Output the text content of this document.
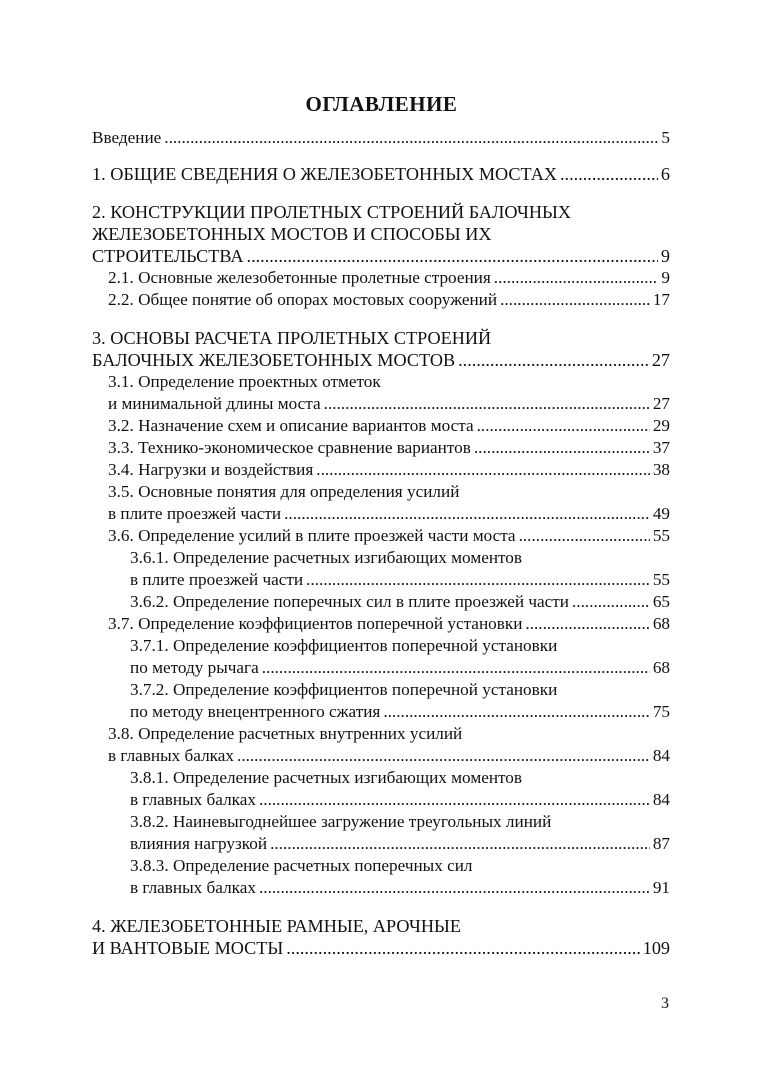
ОГЛАВЛЕНИЕ
Введение .....	5
1. ОБЩИЕ СВЕДЕНИЯ О ЖЕЛЕЗОБЕТОННЫХ МОСТАХ .....	6
2. КОНСТРУКЦИИ ПРОЛЕТНЫХ СТРОЕНИЙ БАЛОЧНЫХ
ЖЕЛЕЗОБЕТОННЫХ МОСТОВ И СПОСОБЫ ИХ
СТРОИТЕЛЬСТВА .....	9
2.1. Основные железобетонные пролетные строения .....	9
2.2. Общее понятие об опорах мостовых сооружений .....	17
3. ОСНОВЫ РАСЧЕТА ПРОЛЕТНЫХ СТРОЕНИЙ
БАЛОЧНЫХ ЖЕЛЕЗОБЕТОННЫХ МОСТОВ .....	27
3.1. Определение проектных отметок
и минимальной длины моста .....	27
3.2. Назначение схем и описание вариантов моста .....	29
3.3. Технико-экономическое сравнение вариантов .....	37
3.4. Нагрузки и воздействия .....	38
3.5. Основные понятия для определения усилий
в плите проезжей части .....	49
3.6. Определение усилий в плите проезжей части моста .....	55
3.6.1. Определение расчетных изгибающих моментов
в плите проезжей части .....	55
3.6.2. Определение поперечных сил в плите проезжей части .....	65
3.7. Определение коэффициентов поперечной установки .....	68
3.7.1. Определение коэффициентов поперечной установки
по методу рычага .....	68
3.7.2. Определение коэффициентов поперечной установки
по методу внецентренного сжатия .....	75
3.8. Определение расчетных внутренних усилий
в главных балках .....	84
3.8.1. Определение расчетных изгибающих моментов
в главных балках .....	84
3.8.2. Наиневыгоднейшее загружение треугольных линий
влияния нагрузкой .....	87
3.8.3. Определение расчетных поперечных сил
в главных балках .....	91
4. ЖЕЛЕЗОБЕТОННЫЕ РАМНЫЕ, АРОЧНЫЕ
И ВАНТОВЫЕ МОСТЫ .....	109
3
